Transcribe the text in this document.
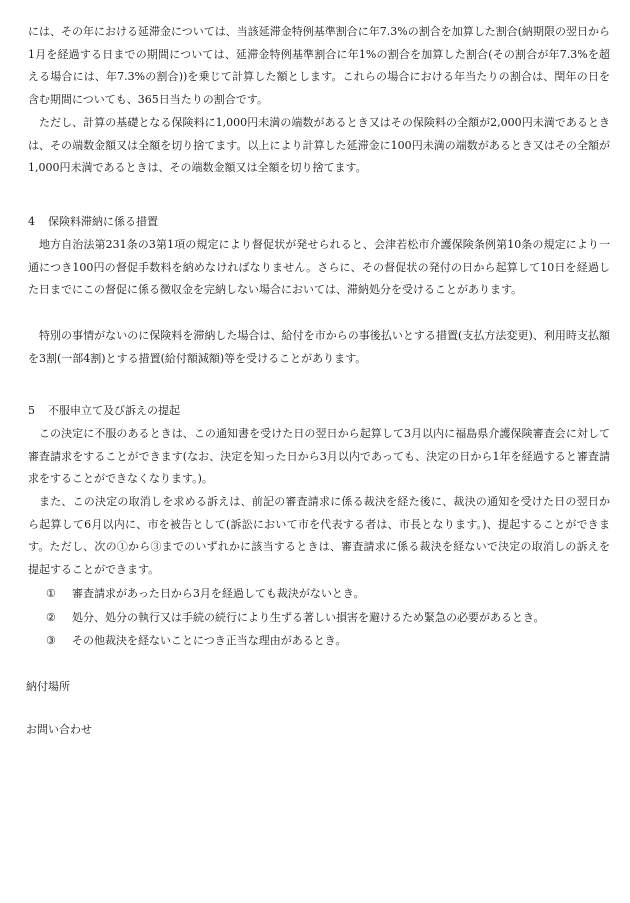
には、その年における延滞金については、当該延滞金特例基準割合に年7.3%の割合を加算した割合(納期限の翌日から1月を経過する日までの期間については、延滞金特例基準割合に年1%の割合を加算した割合(その割合が年7.3%を超える場合には、年7.3%の割合))を乗じて計算した額とします。これらの場合における年当たりの割合は、閏年の日を含む期間についても、365日当たりの割合です。

ただし、計算の基礎となる保険料に1,000円未満の端数があるとき又はその保険料の全額が2,000円未満であるときは、その端数金額又は全額を切り捨てます。以上により計算した延滞金に100円未満の端数があるとき又はその全額が1,000円未満であるときは、その端数金額又は全額を切り捨てます。

4 保険料滞納に係る措置

地方自治法第231条の3第1項の規定により督促状が発せられると、会津若松市介護保険条例第10条の規定により一通につき100円の督促手数料を納めなければなりません。さらに、その督促状の発付の日から起算して10日を経過した日までにこの督促に係る徴収金を完納しない場合においては、滞納処分を受けることがあります。

特別の事情がないのに保険料を滞納した場合は、給付を市からの事後払いとする措置(支払方法変更)、利用時支払額を3割(一部4割)とする措置(給付額減額)等を受けることがあります。

5 不服申立て及び訴えの提起

この決定に不服のあるときは、この通知書を受けた日の翌日から起算して3月以内に福島県介護保険審査会に対して審査請求をすることができます(なお、決定を知った日から3月以内であっても、決定の日から1年を経過すると審査請求をすることができなくなります。)。

また、この決定の取消しを求める訴えは、前記の審査請求に係る裁決を経た後に、裁決の通知を受けた日の翌日から起算して6月以内に、市を被告として(訴訟において市を代表する者は、市長となります。)、提起することができます。ただし、次の①から③までのいずれかに該当するときは、審査請求に係る裁決を経ないで決定の取消しの訴えを提起することができます。

① 審査請求があった日から3月を経過しても裁決がないとき。

② 処分、処分の執行又は手続の続行により生ずる著しい損害を避けるため緊急の必要があるとき。

③ その他裁決を経ないことにつき正当な理由があるとき。

納付場所

お問い合わせ
